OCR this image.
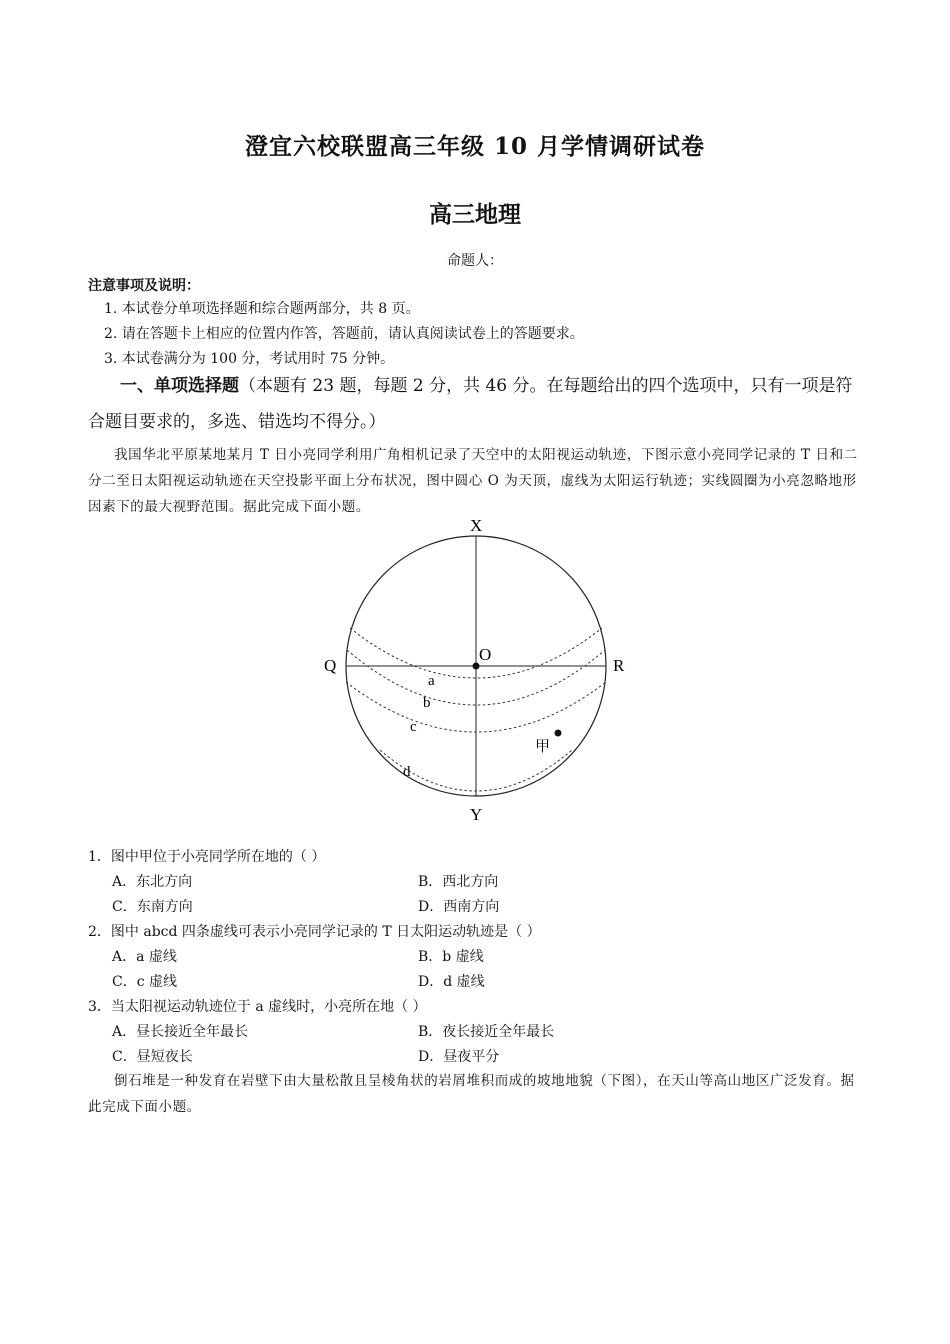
澄宜六校联盟高三年级 10 月学情调研试卷
高三地理
命题人：
注意事项及说明：
1. 本试卷分单项选择题和综合题两部分，共 8 页。
2. 请在答题卡上相应的位置内作答，答题前，请认真阅读试卷上的答题要求。
3. 本试卷满分为 100 分，考试用时 75 分钟。
一、单项选择题（本题有 23 题，每题 2 分，共 46 分。在每题给出的四个选项中，只有一项是符合题目要求的，多选、错选均不得分。）
我国华北平原某地某月 T 日小亮同学利用广角相机记录了天空中的太阳视运动轨迹，下图示意小亮同学记录的 T 日和二分二至日太阳视运动轨迹在天空投影平面上分布状况，图中圆心 O 为天顶，虚线为太阳运行轨迹；实线圆圈为小亮忽略地形因素下的最大视野范围。据此完成下面小题。
X
Y
Q	R
O
a
b
c
d
甲
1．图中甲位于小亮同学所在地的（ ）
A．东北方向	B．西北方向
C．东南方向	D．西南方向
2．图中 abcd 四条虚线可表示小亮同学记录的 T 日太阳运动轨迹是（ ）
A．a 虚线	B．b 虚线
C．c 虚线	D．d 虚线
3．当太阳视运动轨迹位于 a 虚线时，小亮所在地（ ）
A．昼长接近全年最长	B．夜长接近全年最长
C．昼短夜长	D．昼夜平分
倒石堆是一种发育在岩壁下由大量松散且呈棱角状的岩屑堆积而成的坡地地貌（下图），在天山等高山地区广泛发育。据此完成下面小题。
